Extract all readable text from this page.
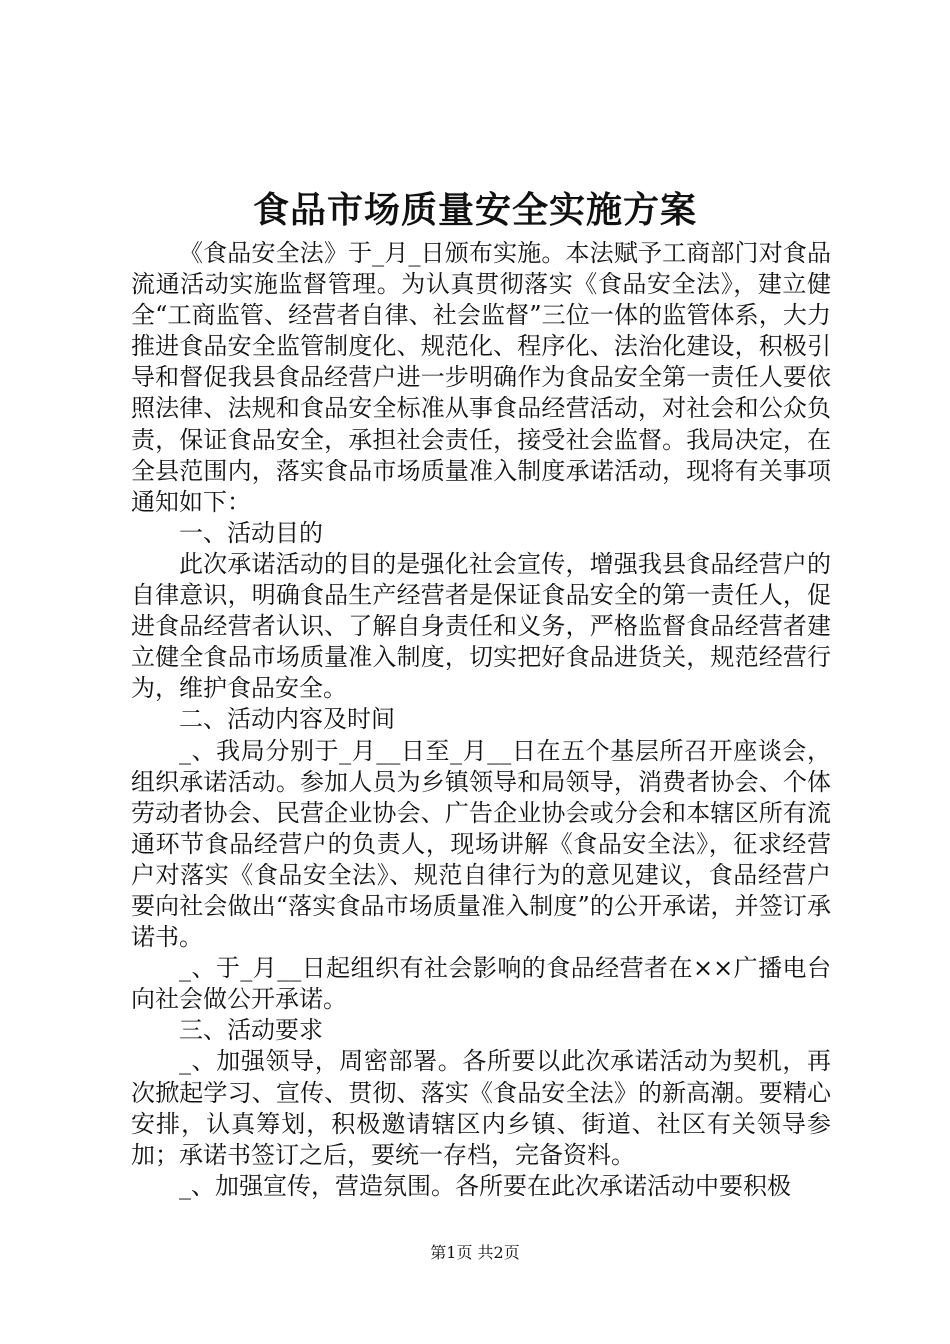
食品市场质量安全实施方案

《食品安全法》于_月_日颁布实施。本法赋予工商部门对食品流通活动实施监督管理。为认真贯彻落实《食品安全法》，建立健全“工商监管、经营者自律、社会监督”三位一体的监管体系，大力推进食品安全监管制度化、规范化、程序化、法治化建设，积极引导和督促我县食品经营户进一步明确作为食品安全第一责任人要依照法律、法规和食品安全标准从事食品经营活动，对社会和公众负责，保证食品安全，承担社会责任，接受社会监督。我局决定，在全县范围内，落实食品市场质量准入制度承诺活动，现将有关事项通知如下：

一、活动目的

此次承诺活动的目的是强化社会宣传，增强我县食品经营户的自律意识，明确食品生产经营者是保证食品安全的第一责任人，促进食品经营者认识、了解自身责任和义务，严格监督食品经营者建立健全食品市场质量准入制度，切实把好食品进货关，规范经营行为，维护食品安全。

二、活动内容及时间

_、我局分别于_月__日至_月__日在五个基层所召开座谈会，组织承诺活动。参加人员为乡镇领导和局领导，消费者协会、个体劳动者协会、民营企业协会、广告企业协会或分会和本辖区所有流通环节食品经营户的负责人，现场讲解《食品安全法》，征求经营户对落实《食品安全法》、规范自律行为的意见建议，食品经营户要向社会做出“落实食品市场质量准入制度”的公开承诺，并签订承诺书。

_、于_月__日起组织有社会影响的食品经营者在××广播电台向社会做公开承诺。

三、活动要求

_、加强领导，周密部署。各所要以此次承诺活动为契机，再次掀起学习、宣传、贯彻、落实《食品安全法》的新高潮。要精心安排，认真筹划，积极邀请辖区内乡镇、街道、社区有关领导参加；承诺书签订之后，要统一存档，完备资料。

_、加强宣传，营造氛围。各所要在此次承诺活动中要积极

第1页 共2页
